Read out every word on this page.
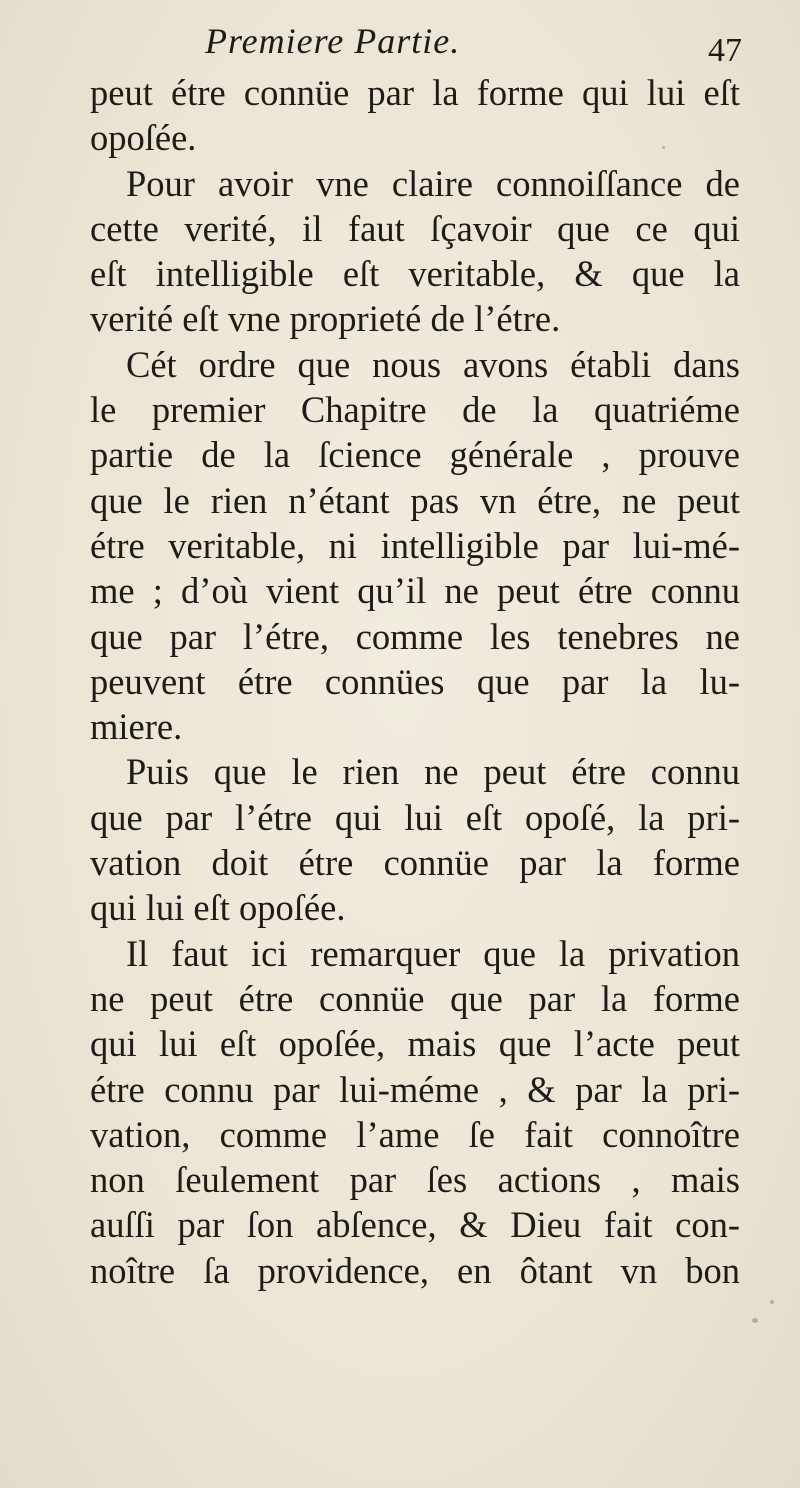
Premiere Partie.	47
peut étre connüe par la forme qui lui eſt
opoſée.
Pour avoir vne claire connoiſſance de
cette verité, il faut ſçavoir que ce qui
eſt intelligible eſt veritable, & que la
verité eſt vne proprieté de l’étre.
Cét ordre que nous avons établi dans
le premier Chapitre de la quatriéme
partie de la ſcience générale , prouve
que le rien n’étant pas vn étre, ne peut
étre veritable, ni intelligible par lui-mé-
me ; d’où vient qu’il ne peut étre connu
que par l’étre, comme les tenebres ne
peuvent étre connües que par la lu-
miere.
Puis que le rien ne peut étre connu
que par l’étre qui lui eſt opoſé, la pri-
vation doit étre connüe par la forme
qui lui eſt opoſée.
Il faut ici remarquer que la privation
ne peut étre connüe que par la forme
qui lui eſt opoſée, mais que l’acte peut
étre connu par lui-méme , & par la pri-
vation, comme l’ame ſe fait connoître
non ſeulement par ſes actions , mais
auſſi par ſon abſence, & Dieu fait con-
noître ſa providence, en ôtant vn bon
